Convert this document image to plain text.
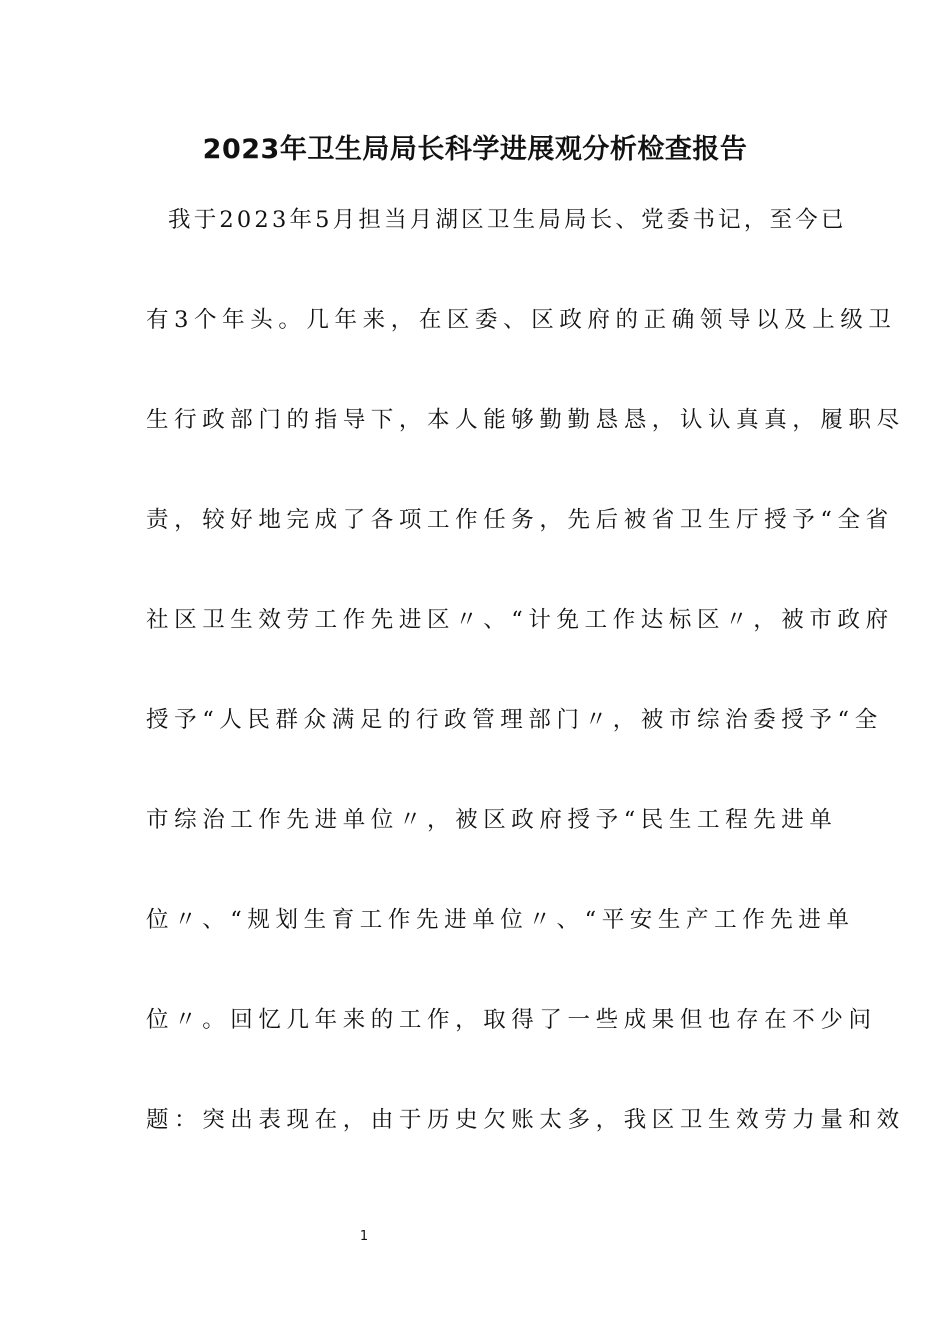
2023年卫生局局长科学进展观分析检查报告
我于2023年5月担当月湖区卫生局局长、党委书记，至今已
有3个年头。几年来，在区委、区政府的正确领导以及上级卫
生行政部门的指导下，本人能够勤勤恳恳，认认真真，履职尽
责，较好地完成了各项工作任务，先后被省卫生厅授予“全省
社区卫生效劳工作先进区〃、“计免工作达标区〃，被市政府
授予“人民群众满足的行政管理部门〃，被市综治委授予“全
市综治工作先进单位〃，被区政府授予“民生工程先进单
位〃、“规划生育工作先进单位〃、“平安生产工作先进单
位〃。回忆几年来的工作，取得了一些成果但也存在不少问
题：突出表现在，由于历史欠账太多，我区卫生效劳力量和效
1
